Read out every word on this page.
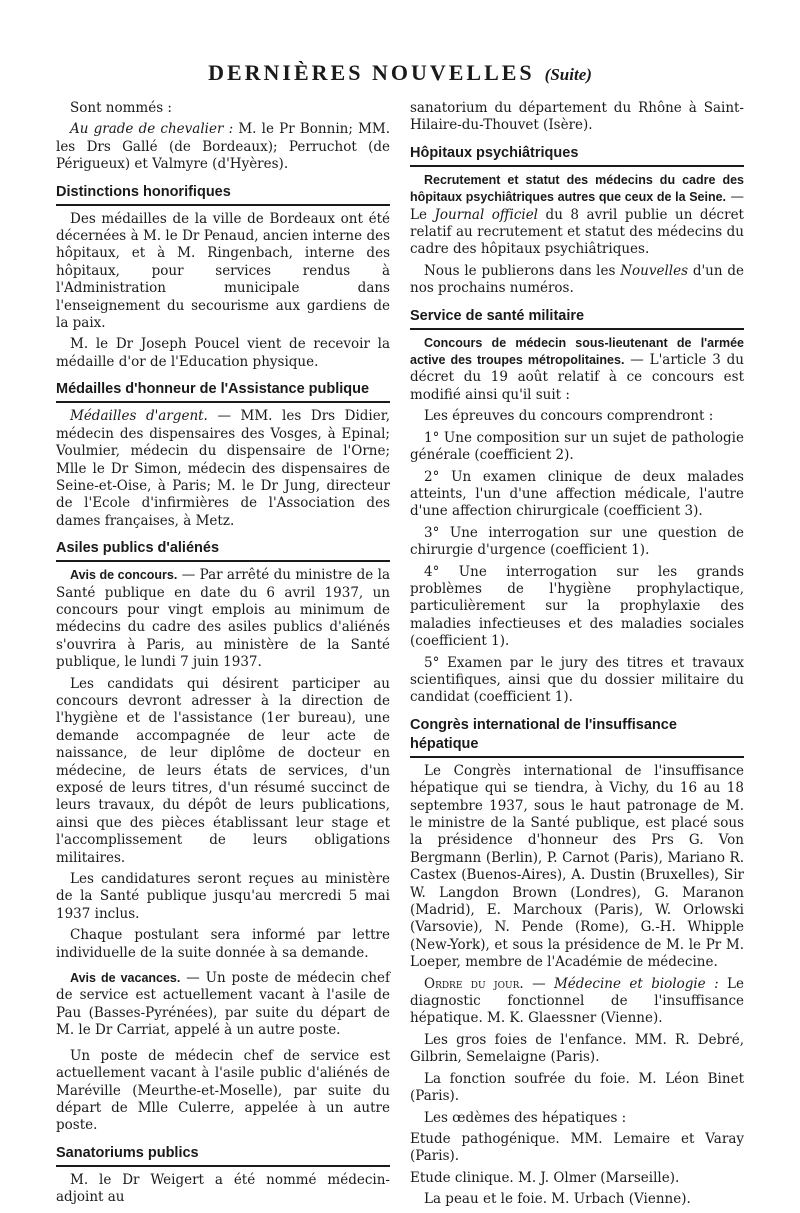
DERNIÈRES NOUVELLES (Suite)

Sont nommés :

Au grade de chevalier : M. le Pr Bonnin; MM. les Drs Gallé (de Bordeaux); Perruchot (de Périgueux) et Valmyre (d'Hyères).

Distinctions honorifiques

Des médailles de la ville de Bordeaux ont été décernées à M. le Dr Penaud, ancien interne des hôpitaux, et à M. Ringenbach, interne des hôpitaux, pour services rendus à l'Administration municipale dans l'enseignement du secourisme aux gardiens de la paix.

M. le Dr Joseph Poucel vient de recevoir la médaille d'or de l'Education physique.

Médailles d'honneur de l'Assistance publique

Médailles d'argent. — MM. les Drs Didier, médecin des dispensaires des Vosges, à Epinal; Voulmier, médecin du dispensaire de l'Orne; Mlle le Dr Simon, médecin des dispensaires de Seine-et-Oise, à Paris; M. le Dr Jung, directeur de l'Ecole d'infirmières de l'Association des dames françaises, à Metz.

Asiles publics d'aliénés

Avis de concours. — Par arrêté du ministre de la Santé publique en date du 6 avril 1937, un concours pour vingt emplois au minimum de médecins du cadre des asiles publics d'aliénés s'ouvrira à Paris, au ministère de la Santé publique, le lundi 7 juin 1937.

Les candidats qui désirent participer au concours devront adresser à la direction de l'hygiène et de l'assistance (1er bureau), une demande accompagnée de leur acte de naissance, de leur diplôme de docteur en médecine, de leurs états de services, d'un exposé de leurs titres, d'un résumé succinct de leurs travaux, du dépôt de leurs publications, ainsi que des pièces établissant leur stage et l'accomplissement de leurs obligations militaires.

Les candidatures seront reçues au ministère de la Santé publique jusqu'au mercredi 5 mai 1937 inclus.

Chaque postulant sera informé par lettre individuelle de la suite donnée à sa demande.

Avis de vacances. — Un poste de médecin chef de service est actuellement vacant à l'asile de Pau (Basses-Pyrénées), par suite du départ de M. le Dr Carriat, appelé à un autre poste.

Un poste de médecin chef de service est actuellement vacant à l'asile public d'aliénés de Maréville (Meurthe-et-Moselle), par suite du départ de Mlle Culerre, appelée à un autre poste.

Sanatoriums publics

M. le Dr Weigert a été nommé médecin-adjoint au

sanatorium du département du Rhône à Saint-Hilaire-du-Thouvet (Isère).

Hôpitaux psychiâtriques

Recrutement et statut des médecins du cadre des hôpitaux psychiâtriques autres que ceux de la Seine. — Le Journal officiel du 8 avril publie un décret relatif au recrutement et statut des médecins du cadre des hôpitaux psychiâtriques.

Nous le publierons dans les Nouvelles d'un de nos prochains numéros.

Service de santé militaire

Concours de médecin sous-lieutenant de l'armée active des troupes métropolitaines. — L'article 3 du décret du 19 août relatif à ce concours est modifié ainsi qu'il suit :

Les épreuves du concours comprendront :

1° Une composition sur un sujet de pathologie générale (coefficient 2).

2° Un examen clinique de deux malades atteints, l'un d'une affection médicale, l'autre d'une affection chirurgicale (coefficient 3).

3° Une interrogation sur une question de chirurgie d'urgence (coefficient 1).

4° Une interrogation sur les grands problèmes de l'hygiène prophylactique, particulièrement sur la prophylaxie des maladies infectieuses et des maladies sociales (coefficient 1).

5° Examen par le jury des titres et travaux scientifiques, ainsi que du dossier militaire du candidat (coefficient 1).

Congrès international de l'insuffisance hépatique

Le Congrès international de l'insuffisance hépatique qui se tiendra, à Vichy, du 16 au 18 septembre 1937, sous le haut patronage de M. le ministre de la Santé publique, est placé sous la présidence d'honneur des Prs G. Von Bergmann (Berlin), P. Carnot (Paris), Mariano R. Castex (Buenos-Aires), A. Dustin (Bruxelles), Sir W. Langdon Brown (Londres), G. Maranon (Madrid), E. Marchoux (Paris), W. Orlowski (Varsovie), N. Pende (Rome), G.-H. Whipple (New-York), et sous la présidence de M. le Pr M. Loeper, membre de l'Académie de médecine.

Ordre du jour. — Médecine et biologie : Le diagnostic fonctionnel de l'insuffisance hépatique. M. K. Glaessner (Vienne).

Les gros foies de l'enfance. MM. R. Debré, Gilbrin, Semelaigne (Paris).

La fonction soufrée du foie. M. Léon Binet (Paris).

Les œdèmes des hépatiques :

Etude pathogénique. MM. Lemaire et Varay (Paris).

Etude clinique. M. J. Olmer (Marseille).

La peau et le foie. M. Urbach (Vienne).
